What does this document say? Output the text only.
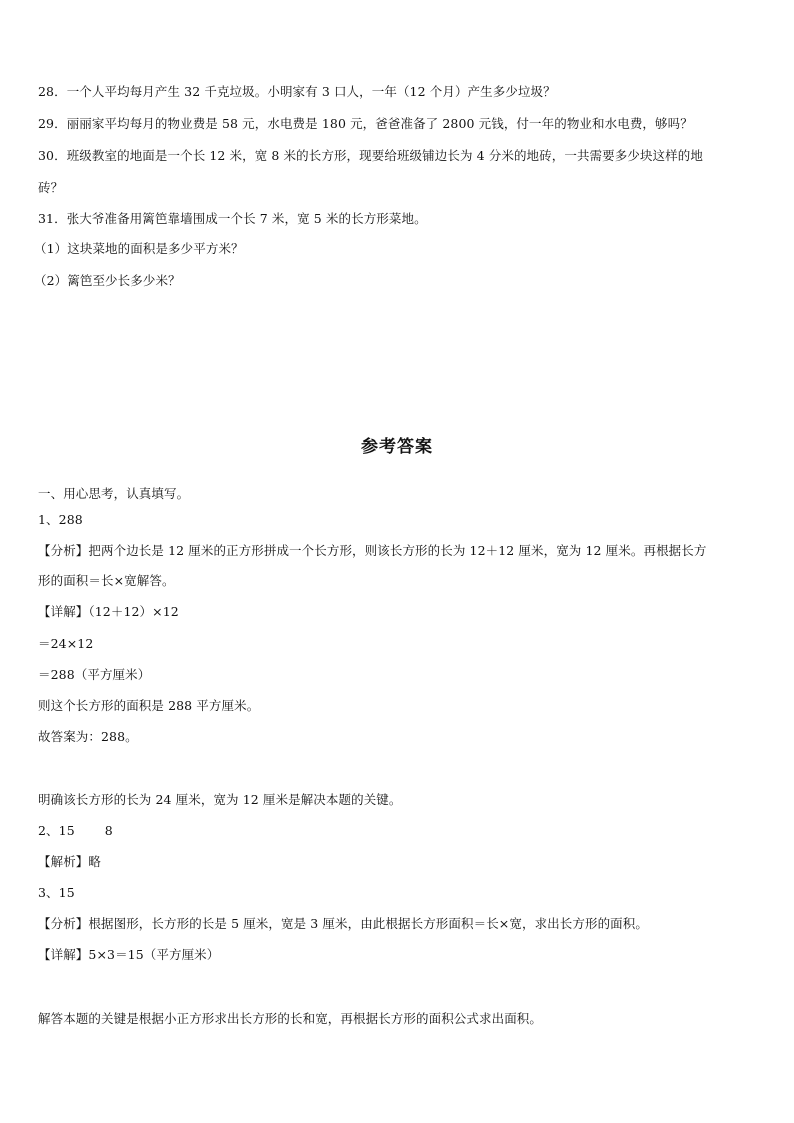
28．一个人平均每月产生 32 千克垃圾。小明家有 3 口人，一年（12 个月）产生多少垃圾？
29．丽丽家平均每月的物业费是 58 元，水电费是 180 元，爸爸准备了 2800 元钱，付一年的物业和水电费，够吗？
30．班级教室的地面是一个长 12 米，宽 8 米的长方形，现要给班级铺边长为 4 分米的地砖，一共需要多少块这样的地
砖？
31．张大爷准备用篱笆靠墙围成一个长 7 米，宽 5 米的长方形菜地。
（1）这块菜地的面积是多少平方米？
（2）篱笆至少长多少米？
参考答案
一、用心思考，认真填写。
1、288
【分析】把两个边长是 12 厘米的正方形拼成一个长方形，则该长方形的长为 12＋12 厘米，宽为 12 厘米。再根据长方
形的面积＝长×宽解答。
【详解】（12＋12）×12
＝24×12
＝288（平方厘米）
则这个长方形的面积是 288 平方厘米。
故答案为：288。
明确该长方形的长为 24 厘米，宽为 12 厘米是解决本题的关键。
2、15 8
【解析】略
3、15
【分析】根据图形，长方形的长是 5 厘米，宽是 3 厘米，由此根据长方形面积＝长×宽，求出长方形的面积。
【详解】5×3＝15（平方厘米）
解答本题的关键是根据小正方形求出长方形的长和宽，再根据长方形的面积公式求出面积。
